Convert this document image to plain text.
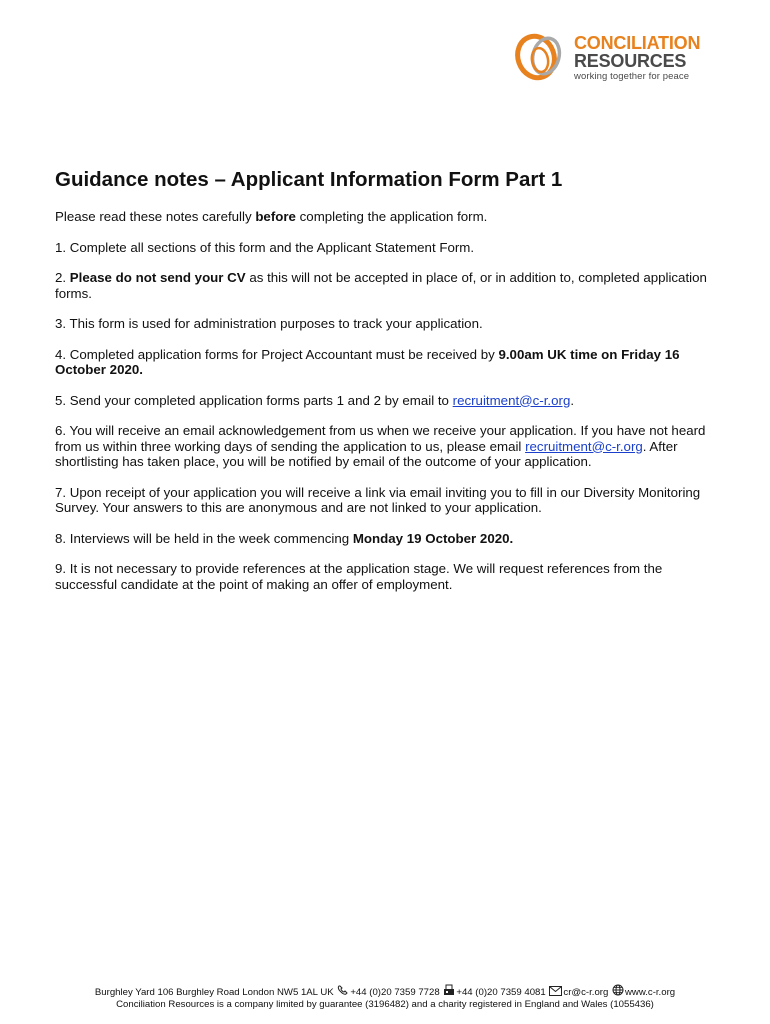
CONCILIATION
RESOURCES
working together for peace
Guidance notes – Applicant Information Form Part 1

Please read these notes carefully before completing the application form.

1. Complete all sections of this form and the Applicant Statement Form.

2. Please do not send your CV as this will not be accepted in place of, or in addition to, completed application forms.

3. This form is used for administration purposes to track your application.

4. Completed application forms for Project Accountant must be received by 9.00am UK time on Friday 16 October 2020.

5. Send your completed application forms parts 1 and 2 by email to recruitment@c-r.org.

6. You will receive an email acknowledgement from us when we receive your application. If you have not heard from us within three working days of sending the application to us, please email recruitment@c-r.org. After shortlisting has taken place, you will be notified by email of the outcome of your application.

7. Upon receipt of your application you will receive a link via email inviting you to fill in our Diversity Monitoring Survey. Your answers to this are anonymous and are not linked to your application.

8. Interviews will be held in the week commencing Monday 19 October 2020.

9. It is not necessary to provide references at the application stage. We will request references from the successful candidate at the point of making an offer of employment.

Burghley Yard 106 Burghley Road London NW5 1AL UK +44 (0)20 7359 7728 +44 (0)20 7359 4081 cr@c-r.org www.c-r.org
Conciliation Resources is a company limited by guarantee (3196482) and a charity registered in England and Wales (1055436)
